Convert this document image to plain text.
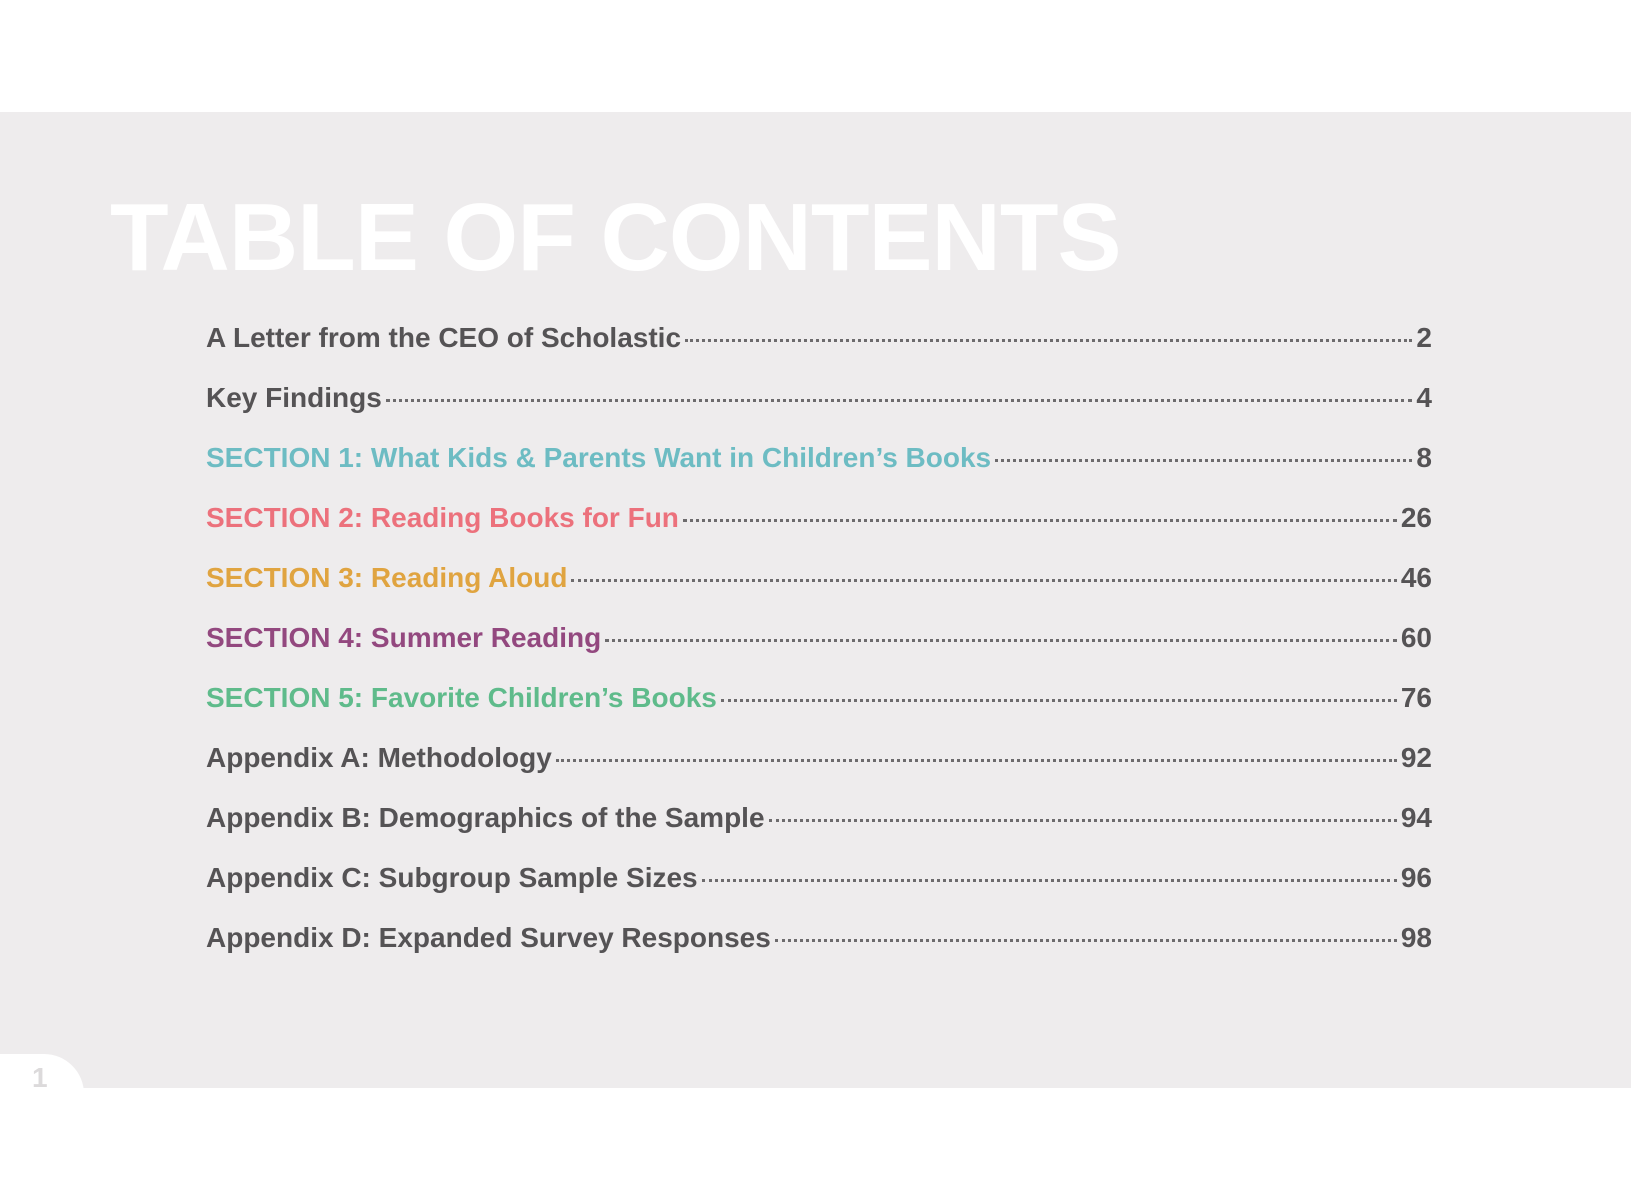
TABLE OF CONTENTS
A Letter from the CEO of Scholastic	2
Key Findings	4
SECTION 1: What Kids & Parents Want in Children’s Books	8
SECTION 2: Reading Books for Fun	26
SECTION 3: Reading Aloud	46
SECTION 4: Summer Reading	60
SECTION 5: Favorite Children’s Books	76
Appendix A: Methodology	92
Appendix B: Demographics of the Sample	94
Appendix C: Subgroup Sample Sizes	96
Appendix D: Expanded Survey Responses	98
1
